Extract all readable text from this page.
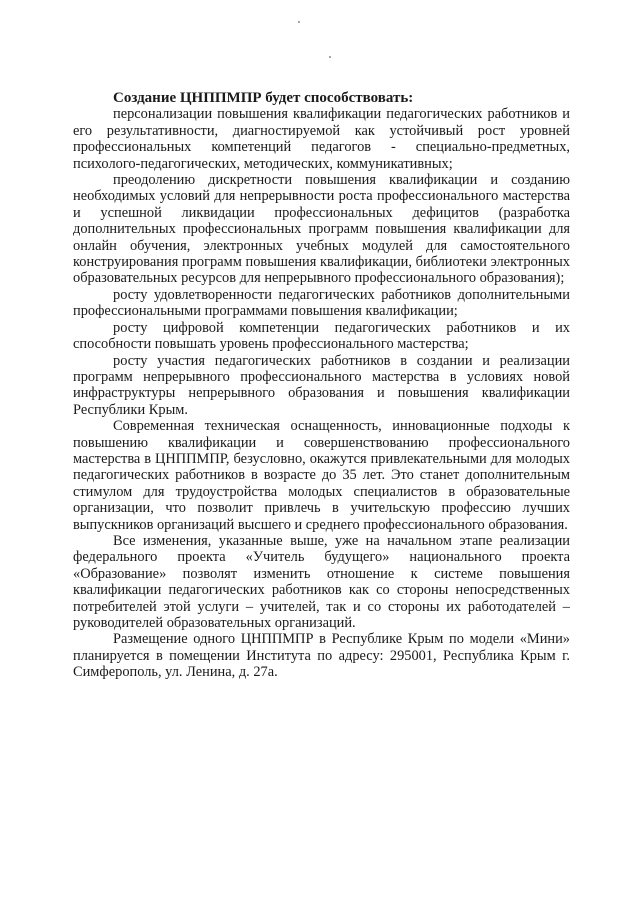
Создание ЦНППМПР будет способствовать:

персонализации повышения квалификации педагогических работников и его результативности, диагностируемой как устойчивый рост уровней профессиональных компетенций педагогов - специально-предметных, психолого-педагогических, методических, коммуникативных;

преодолению дискретности повышения квалификации и созданию необходимых условий для непрерывности роста профессионального мастерства и успешной ликвидации профессиональных дефицитов (разработка дополнительных профессиональных программ повышения квалификации для онлайн обучения, электронных учебных модулей для самостоятельного конструирования программ повышения квалификации, библиотеки электронных образовательных ресурсов для непрерывного профессионального образования);

росту удовлетворенности педагогических работников дополнительными профессиональными программами повышения квалификации;

росту цифровой компетенции педагогических работников и их способности повышать уровень профессионального мастерства;

росту участия педагогических работников в создании и реализации программ непрерывного профессионального мастерства в условиях новой инфраструктуры непрерывного образования и повышения квалификации Республики Крым.

Современная техническая оснащенность, инновационные подходы к повышению квалификации и совершенствованию профессионального мастерства в ЦНППМПР, безусловно, окажутся привлекательными для молодых педагогических работников в возрасте до 35 лет. Это станет дополнительным стимулом для трудоустройства молодых специалистов в образовательные организации, что позволит привлечь в учительскую профессию лучших выпускников организаций высшего и среднего профессионального образования.

Все изменения, указанные выше, уже на начальном этапе реализации федерального проекта «Учитель будущего» национального проекта «Образование» позволят изменить отношение к системе повышения квалификации педагогических работников как со стороны непосредственных потребителей этой услуги – учителей, так и со стороны их работодателей – руководителей образовательных организаций.

Размещение одного ЦНППМПР в Республике Крым по модели «Мини» планируется в помещении Института по адресу: 295001, Республика Крым г. Симферополь, ул. Ленина, д. 27а.
